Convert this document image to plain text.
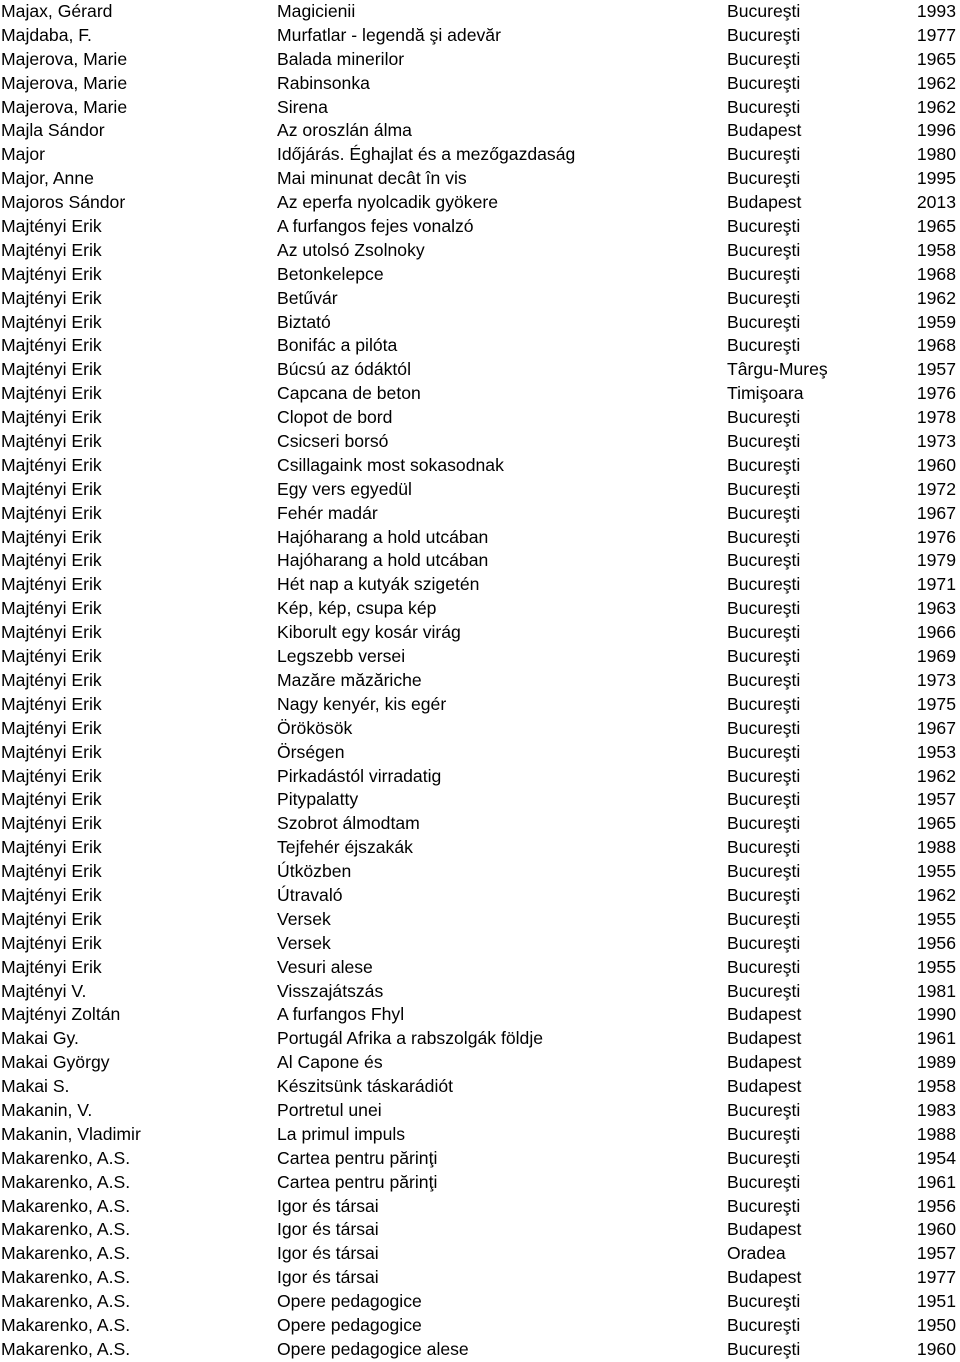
Majax, Gérard	Magicienii	Bucureşti	1993
Majdaba, F.	Murfatlar - legendă şi adevăr	Bucureşti	1977
Majerova, Marie	Balada minerilor	Bucureşti	1965
Majerova, Marie	Rabinsonka	Bucureşti	1962
Majerova, Marie	Sirena	Bucureşti	1962
Majla Sándor	Az oroszlán álma	Budapest	1996
Major	Időjárás. Éghajlat és a mezőgazdaság	Bucureşti	1980
Major, Anne	Mai minunat decât în vis	Bucureşti	1995
Majoros Sándor	Az eperfa nyolcadik gyökere	Budapest	2013
Majtényi Erik	A furfangos fejes vonalzó	Bucureşti	1965
Majtényi Erik	Az utolsó Zsolnoky	Bucureşti	1958
Majtényi Erik	Betonkelepce	Bucureşti	1968
Majtényi Erik	Betűvár	Bucureşti	1962
Majtényi Erik	Biztató	Bucureşti	1959
Majtényi Erik	Bonifác a pilóta	Bucureşti	1968
Majtényi Erik	Búcsú az ódáktól	Târgu-Mureş	1957
Majtényi Erik	Capcana de beton	Timişoara	1976
Majtényi Erik	Clopot de bord	Bucureşti	1978
Majtényi Erik	Csicseri borsó	Bucureşti	1973
Majtényi Erik	Csillagaink most sokasodnak	Bucureşti	1960
Majtényi Erik	Egy vers egyedül	Bucureşti	1972
Majtényi Erik	Fehér madár	Bucureşti	1967
Majtényi Erik	Hajóharang a hold utcában	Bucureşti	1976
Majtényi Erik	Hajóharang a hold utcában	Bucureşti	1979
Majtényi Erik	Hét nap a kutyák szigetén	Bucureşti	1971
Majtényi Erik	Kép, kép, csupa kép	Bucureşti	1963
Majtényi Erik	Kiborult egy kosár virág	Bucureşti	1966
Majtényi Erik	Legszebb versei	Bucureşti	1969
Majtényi Erik	Mazăre măzăriche	Bucureşti	1973
Majtényi Erik	Nagy kenyér, kis egér	Bucureşti	1975
Majtényi Erik	Örökösök	Bucureşti	1967
Majtényi Erik	Örségen	Bucureşti	1953
Majtényi Erik	Pirkadástól virradatig	Bucureşti	1962
Majtényi Erik	Pitypalatty	Bucureşti	1957
Majtényi Erik	Szobrot álmodtam	Bucureşti	1965
Majtényi Erik	Tejfehér éjszakák	Bucureşti	1988
Majtényi Erik	Útközben	Bucureşti	1955
Majtényi Erik	Útravaló	Bucureşti	1962
Majtényi Erik	Versek	Bucureşti	1955
Majtényi Erik	Versek	Bucureşti	1956
Majtényi Erik	Vesuri alese	Bucureşti	1955
Majtényi V.	Visszajátszás	Bucureşti	1981
Majtényi Zoltán	A furfangos Fhyl	Budapest	1990
Makai Gy.	Portugál Afrika a rabszolgák földje	Budapest	1961
Makai György	Al Capone és	Budapest	1989
Makai S.	Készitsünk táskarádiót	Budapest	1958
Makanin, V.	Portretul unei	Bucureşti	1983
Makanin, Vladimir	La primul impuls	Bucureşti	1988
Makarenko, A.S.	Cartea pentru părinţi	Bucureşti	1954
Makarenko, A.S.	Cartea pentru părinţi	Bucureşti	1961
Makarenko, A.S.	Igor és társai	Bucureşti	1956
Makarenko, A.S.	Igor és társai	Budapest	1960
Makarenko, A.S.	Igor és társai	Oradea	1957
Makarenko, A.S.	Igor és társai	Budapest	1977
Makarenko, A.S.	Opere pedagogice	Bucureşti	1951
Makarenko, A.S.	Opere pedagogice	Bucureşti	1950
Makarenko, A.S.	Opere pedagogice alese	Bucureşti	1960
